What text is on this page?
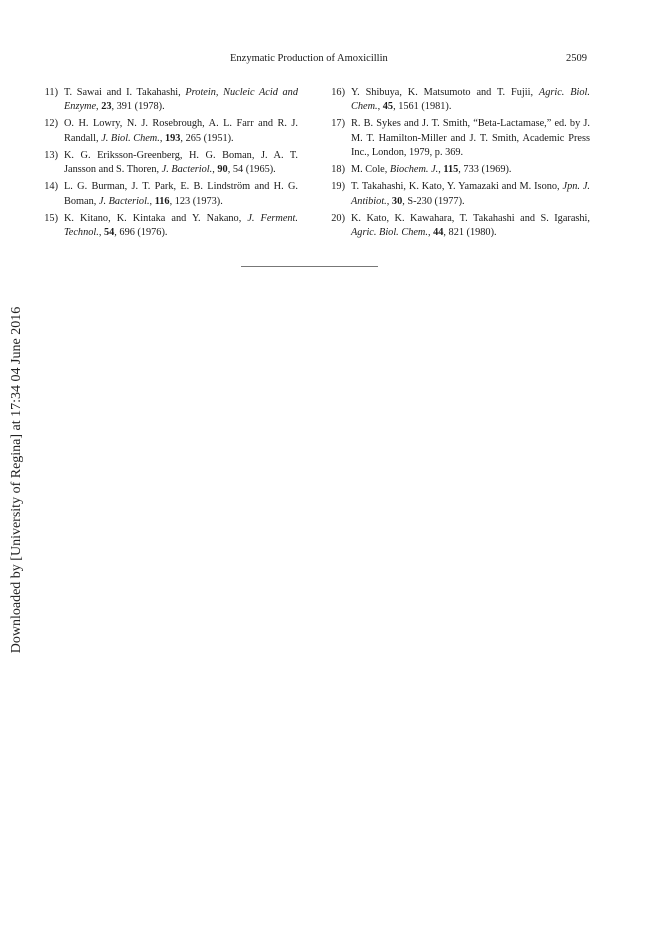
Enzymatic Production of Amoxicillin	2509
11) T. Sawai and I. Takahashi, Protein, Nucleic Acid and Enzyme, 23, 391 (1978).
12) O. H. Lowry, N. J. Rosebrough, A. L. Farr and R. J. Randall, J. Biol. Chem., 193, 265 (1951).
13) K. G. Eriksson-Greenberg, H. G. Boman, J. A. T. Jansson and S. Thoren, J. Bacteriol., 90, 54 (1965).
14) L. G. Burman, J. T. Park, E. B. Lindström and H. G. Boman, J. Bacteriol., 116, 123 (1973).
15) K. Kitano, K. Kintaka and Y. Nakano, J. Ferment. Technol., 54, 696 (1976).
16) Y. Shibuya, K. Matsumoto and T. Fujii, Agric. Biol. Chem., 45, 1561 (1981).
17) R. B. Sykes and J. T. Smith, “Beta-Lactamase,” ed. by J. M. T. Hamilton-Miller and J. T. Smith, Academic Press Inc., London, 1979, p. 369.
18) M. Cole, Biochem. J., 115, 733 (1969).
19) T. Takahashi, K. Kato, Y. Yamazaki and M. Isono, Jpn. J. Antibiot., 30, S-230 (1977).
20) K. Kato, K. Kawahara, T. Takahashi and S. Igarashi, Agric. Biol. Chem., 44, 821 (1980).
Downloaded by [University of Regina] at 17:34 04 June 2016
